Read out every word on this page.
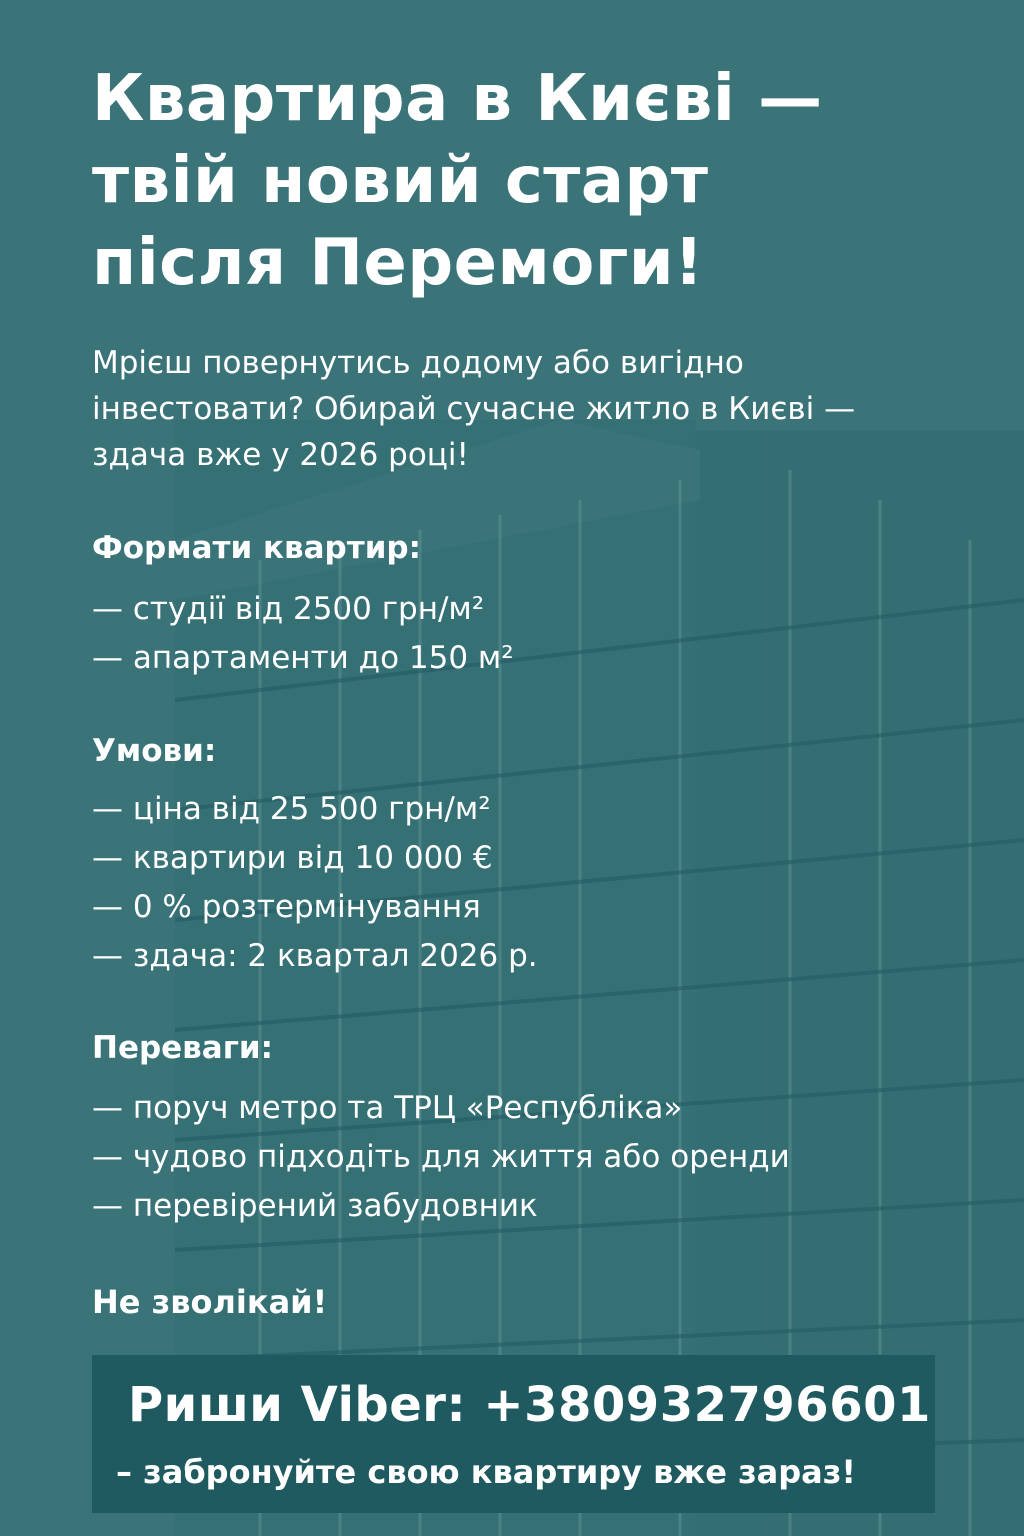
Квартира в Києві —
твій новий старт
після Перемоги!
Мрієш повернутись додому або вигідно інвестовати? Обирай сучасне житло в Києві — здача вже у 2026 році!
Формати квартир:
— студії від 2500 грн/м²
— апартаменти до 150 м²
Умови:
— ціна від 25 500 грн/м²
— квартири від 10 000 €
— 0 % розтермінування
— здача: 2 квартал 2026 р.
Переваги:
— поруч метро та ТРЦ «Республіка»
— чудово підходіть для життя або оренди
— перевірений забудовник
Не зволікай!
Риши Viber: +380932796601
– забронуйте свою квартиру вже зараз!
